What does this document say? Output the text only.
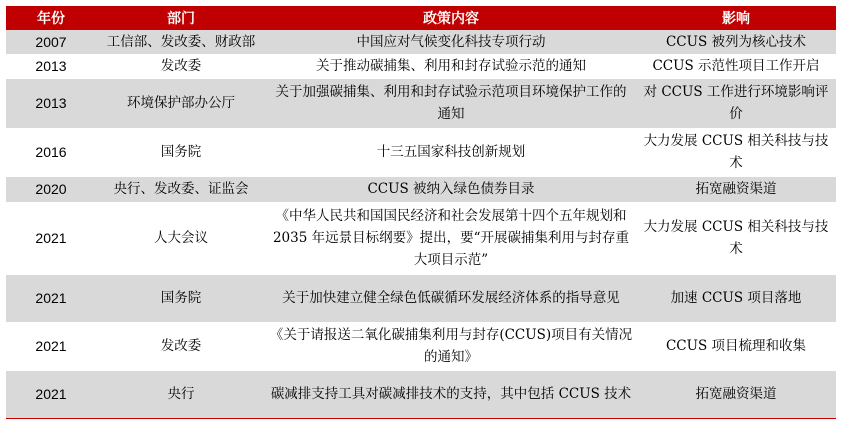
年份	部门	政策内容	影响
2007	工信部、发改委、财政部	中国应对气候变化科技专项行动	CCUS 被列为核心技术
2013	发改委	关于推动碳捕集、利用和封存试验示范的通知	CCUS 示范性项目工作开启
2013	环境保护部办公厅	关于加强碳捕集、利用和封存试验示范项目环境保护工作的通知	对 CCUS 工作进行环境影响评价
2016	国务院	十三五国家科技创新规划	大力发展 CCUS 相关科技与技术
2020	央行、发改委、证监会	CCUS 被纳入绿色债券目录	拓宽融资渠道
2021	人大会议	《中华人民共和国国民经济和社会发展第十四个五年规划和 2035 年远景目标纲要》提出，要“开展碳捕集利用与封存重大项目示范”	大力发展 CCUS 相关科技与技术
2021	国务院	关于加快建立健全绿色低碳循环发展经济体系的指导意见	加速 CCUS 项目落地
2021	发改委	《关于请报送二氧化碳捕集利用与封存(CCUS)项目有关情况的通知》	CCUS 项目梳理和收集
2021	央行	碳减排支持工具对碳减排技术的支持，其中包括 CCUS 技术	拓宽融资渠道
